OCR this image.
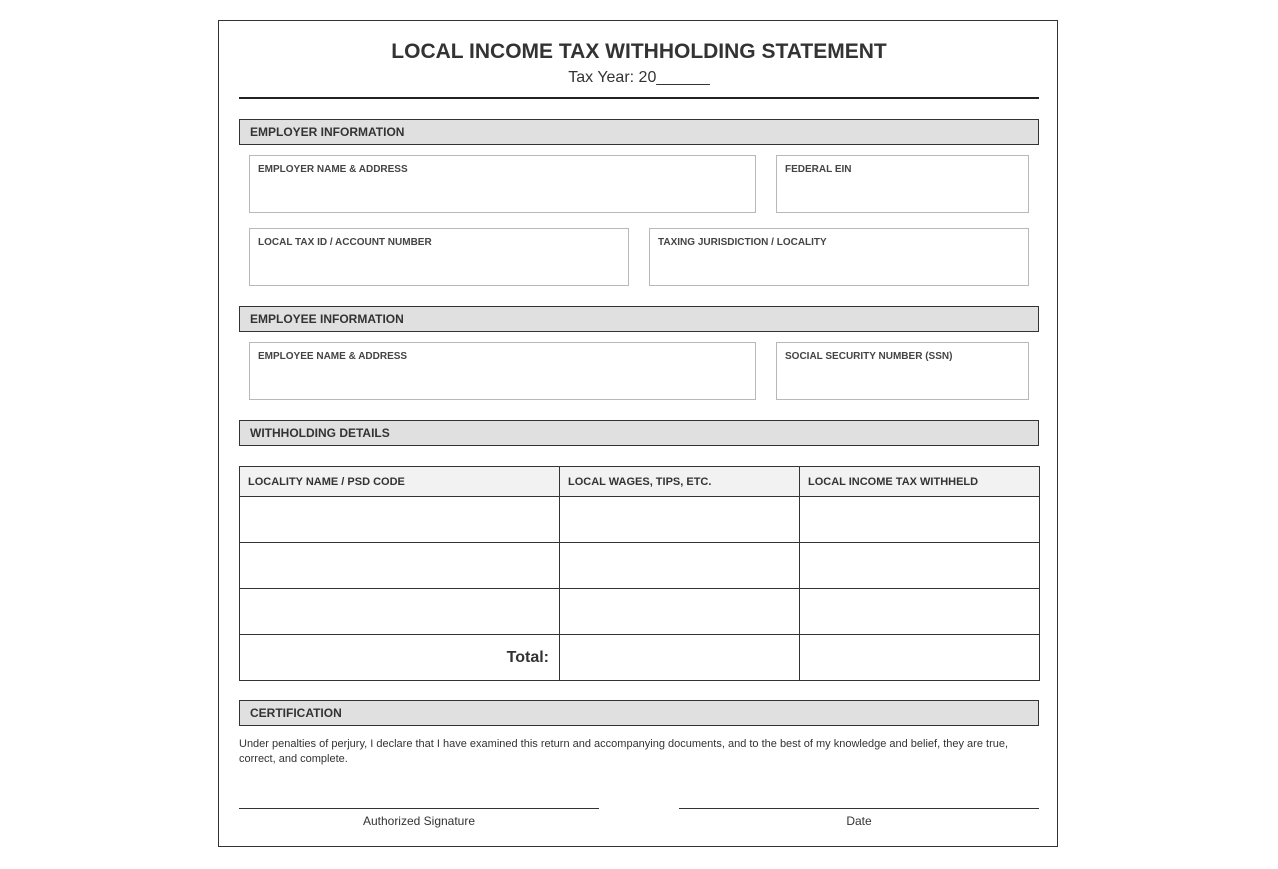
LOCAL INCOME TAX WITHHOLDING STATEMENT
Tax Year: 20______
EMPLOYER INFORMATION
EMPLOYER NAME & ADDRESS	FEDERAL EIN
LOCAL TAX ID / ACCOUNT NUMBER	TAXING JURISDICTION / LOCALITY
EMPLOYEE INFORMATION
EMPLOYEE NAME & ADDRESS	SOCIAL SECURITY NUMBER (SSN)
WITHHOLDING DETAILS
LOCALITY NAME / PSD CODE	LOCAL WAGES, TIPS, ETC.	LOCAL INCOME TAX WITHHELD

Total:		
CERTIFICATION
Under penalties of perjury, I declare that I have examined this return and accompanying documents, and to the best of my knowledge and belief, they are true, correct, and complete.
Authorized Signature	Date
